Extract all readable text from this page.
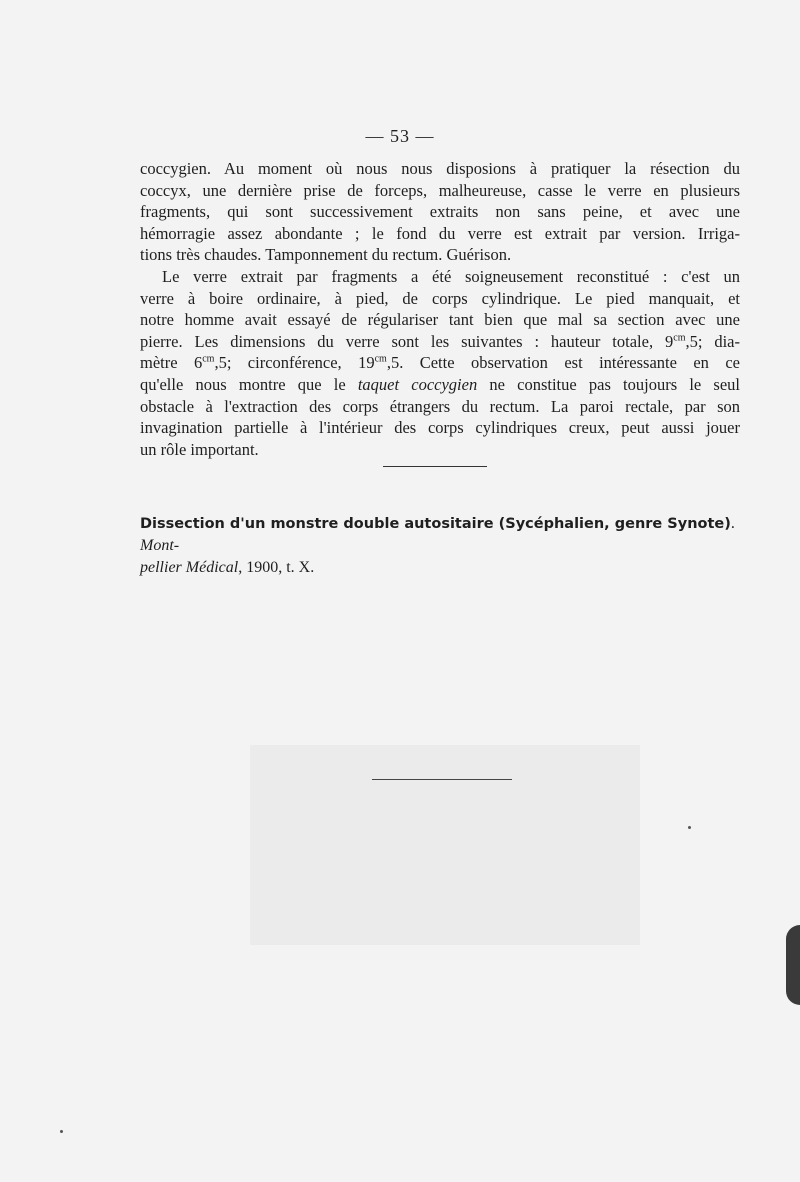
— 53 —
coccygien. Au moment où nous nous disposions à pratiquer la résection du
coccyx, une dernière prise de forceps, malheureuse, casse le verre en plusieurs
fragments, qui sont successivement extraits non sans peine, et avec une
hémorragie assez abondante ; le fond du verre est extrait par version. Irriga-
tions très chaudes. Tamponnement du rectum. Guérison.
Le verre extrait par fragments a été soigneusement reconstitué : c'est un
verre à boire ordinaire, à pied, de corps cylindrique. Le pied manquait, et
notre homme avait essayé de régulariser tant bien que mal sa section avec une
pierre. Les dimensions du verre sont les suivantes : hauteur totale, $9^{cm},5$; dia-
mètre $6^{cm},5$; circonférence, $19^{cm},5$. Cette observation est intéressante en ce
qu'elle nous montre que le taquet coccygien ne constitue pas toujours le seul
obstacle à l'extraction des corps étrangers du rectum. La paroi rectale, par son
invagination partielle à l'intérieur des corps cylindriques creux, peut aussi jouer
un rôle important.
Dissection d'un monstre double autositaire (Sycéphalien, genre Synote). Mont-
pellier Médical, 1900, t. X.
